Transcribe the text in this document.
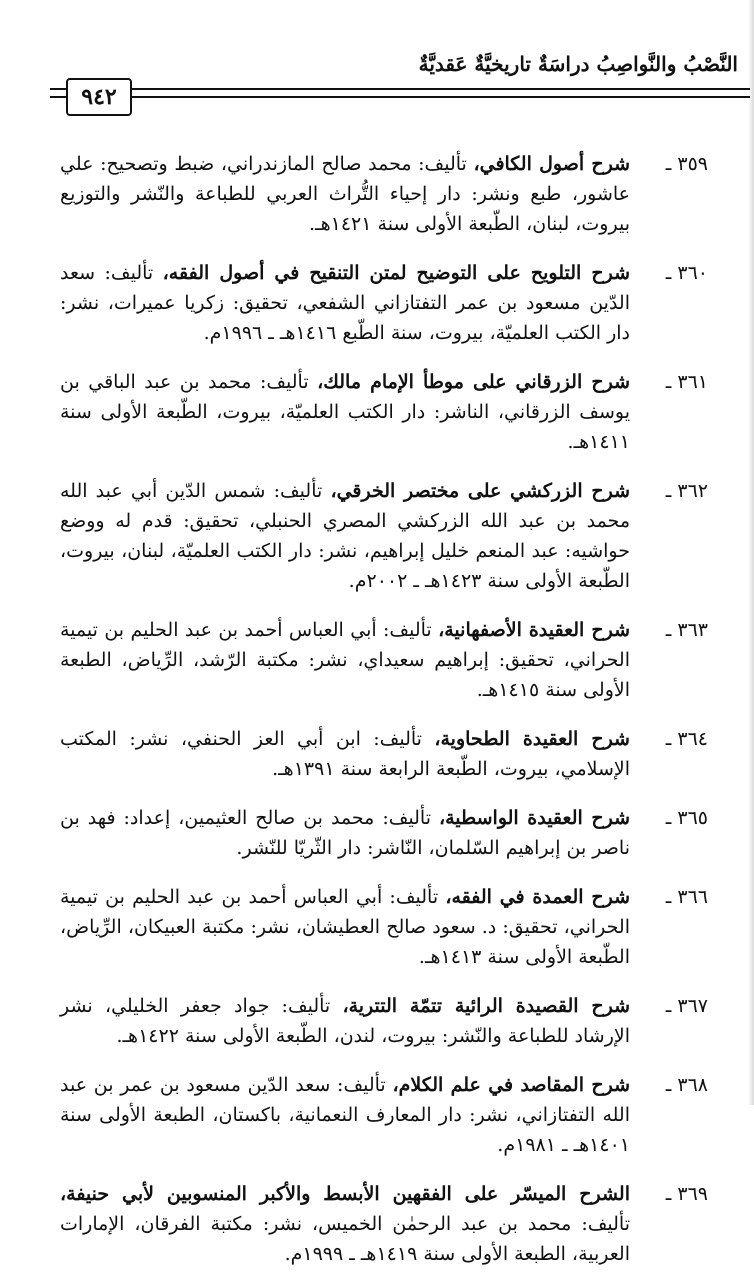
النَّصْبُ والنَّواصِبُ دراسَةٌ تاريخيَّةٌ عَقديَّةٌ
٩٤٢

٣٥٩ ـ
شرح أصول الكافي، تأليف: محمد صالح المازندراني، ضبط وتصحيح: علي عاشور، طبع ونشر: دار إحياء التُّراث العربي للطباعة والنّشر والتوزيع بيروت، لبنان، الطّبعة الأولى سنة ١٤٢١هـ.

٣٦٠ ـ
شرح التلويح على التوضيح لمتن التنقيح في أصول الفقه، تأليف: سعد الدّين مسعود بن عمر التفتازاني الشفعي، تحقيق: زكريا عميرات، نشر: دار الكتب العلميّة، بيروت، سنة الطّبع ١٤١٦هـ ـ ١٩٩٦م.

٣٦١ ـ
شرح الزرقاني على موطأ الإمام مالك، تأليف: محمد بن عبد الباقي بن يوسف الزرقاني، الناشر: دار الكتب العلميّة، بيروت، الطّبعة الأولى سنة ١٤١١هـ.

٣٦٢ ـ
شرح الزركشي على مختصر الخرقي، تأليف: شمس الدّين أبي عبد الله محمد بن عبد الله الزركشي المصري الحنبلي، تحقيق: قدم له ووضع حواشيه: عبد المنعم خليل إبراهيم، نشر: دار الكتب العلميّة، لبنان، بيروت، الطّبعة الأولى سنة ١٤٢٣هـ ـ ٢٠٠٢م.

٣٦٣ ـ
شرح العقيدة الأصفهانية، تأليف: أبي العباس أحمد بن عبد الحليم بن تيمية الحراني، تحقيق: إبراهيم سعيداي، نشر: مكتبة الرّشد، الرِّياض، الطبعة الأولى سنة ١٤١٥هـ.

٣٦٤ ـ
شرح العقيدة الطحاوية، تأليف: ابن أبي العز الحنفي، نشر: المكتب الإسلامي، بيروت، الطّبعة الرابعة سنة ١٣٩١هـ.

٣٦٥ ـ
شرح العقيدة الواسطية، تأليف: محمد بن صالح العثيمين، إعداد: فهد بن ناصر بن إبراهيم السّلمان، النّاشر: دار الثّريّا للنّشر.

٣٦٦ ـ
شرح العمدة في الفقه، تأليف: أبي العباس أحمد بن عبد الحليم بن تيمية الحراني، تحقيق: د. سعود صالح العطيشان، نشر: مكتبة العبيكان، الرِّياض، الطّبعة الأولى سنة ١٤١٣هـ.

٣٦٧ ـ
شرح القصيدة الرائية تتمّة التترية، تأليف: جواد جعفر الخليلي، نشر الإرشاد للطباعة والنّشر: بيروت، لندن، الطّبعة الأولى سنة ١٤٢٢هـ.

٣٦٨ ـ
شرح المقاصد في علم الكلام، تأليف: سعد الدّين مسعود بن عمر بن عبد الله التفتازاني، نشر: دار المعارف النعمانية، باكستان، الطبعة الأولى سنة ١٤٠١هـ ـ ١٩٨١م.

٣٦٩ ـ
الشرح الميسّر على الفقهين الأبسط والأكبر المنسوبين لأبي حنيفة، تأليف: محمد بن عبد الرحمٰن الخميس، نشر: مكتبة الفرقان، الإمارات العربية، الطبعة الأولى سنة ١٤١٩هـ ـ ١٩٩٩م.
